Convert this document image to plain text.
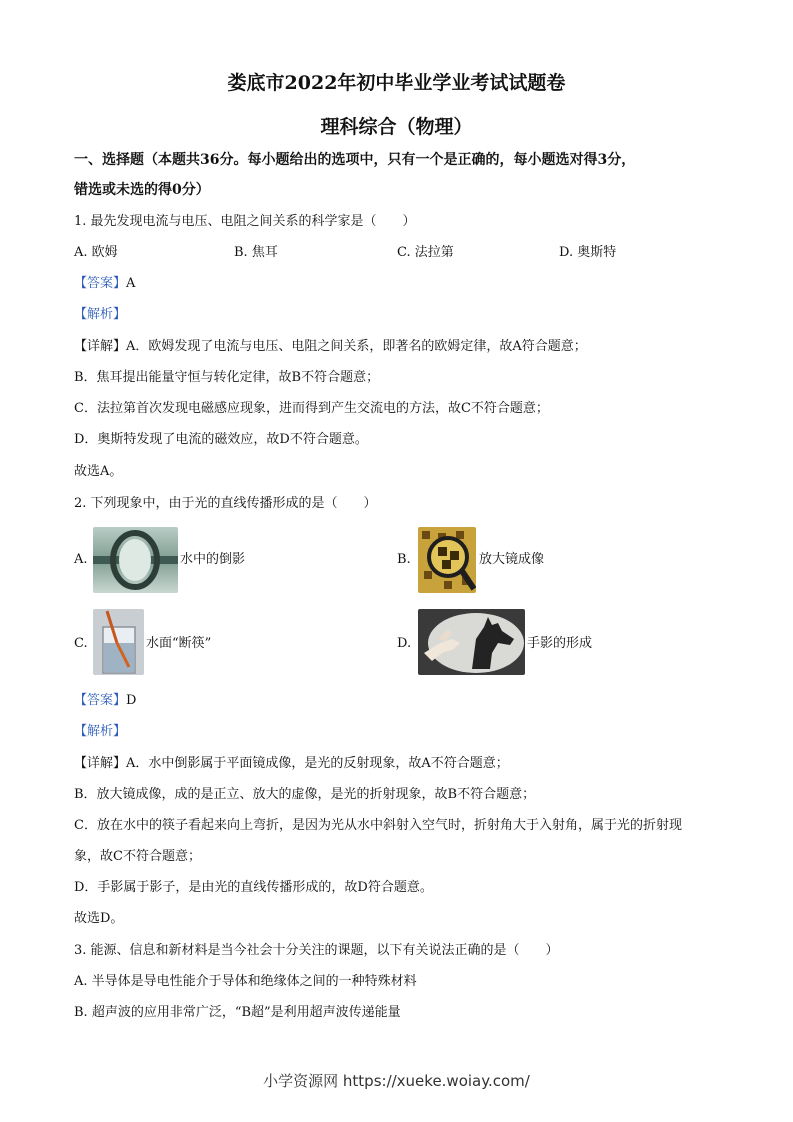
娄底市2022年初中毕业学业考试试题卷
理科综合（物理）
一、选择题（本题共36分。每小题给出的选项中，只有一个是正确的，每小题选对得3分，
错选或未选的得0分）
1. 最先发现电流与电压、电阻之间关系的科学家是（　　）
A. 欧姆	B. 焦耳	C. 法拉第	D. 奥斯特
【答案】A
【解析】
【详解】A．欧姆发现了电流与电压、电阻之间关系，即著名的欧姆定律，故A符合题意；
B．焦耳提出能量守恒与转化定律，故B不符合题意；
C．法拉第首次发现电磁感应现象，进而得到产生交流电的方法，故C不符合题意；
D．奥斯特发现了电流的磁效应，故D不符合题意。
故选A。
2. 下列现象中，由于光的直线传播形成的是（　　）
A.	水中的倒影	B.	放大镜成像
C.	水面“断筷”	D.	手影的形成
【答案】D
【解析】
【详解】A．水中倒影属于平面镜成像，是光的反射现象，故A不符合题意；
B．放大镜成像，成的是正立、放大的虚像，是光的折射现象，故B不符合题意；
C．放在水中的筷子看起来向上弯折，是因为光从水中斜射入空气时，折射角大于入射角，属于光的折射现
象，故C不符合题意；
D．手影属于影子，是由光的直线传播形成的，故D符合题意。
故选D。
3. 能源、信息和新材料是当今社会十分关注的课题，以下有关说法正确的是（　　）
A. 半导体是导电性能介于导体和绝缘体之间的一种特殊材料
B. 超声波的应用非常广泛，“B超”是利用超声波传递能量
小学资源网 https://xueke.woiay.com/
